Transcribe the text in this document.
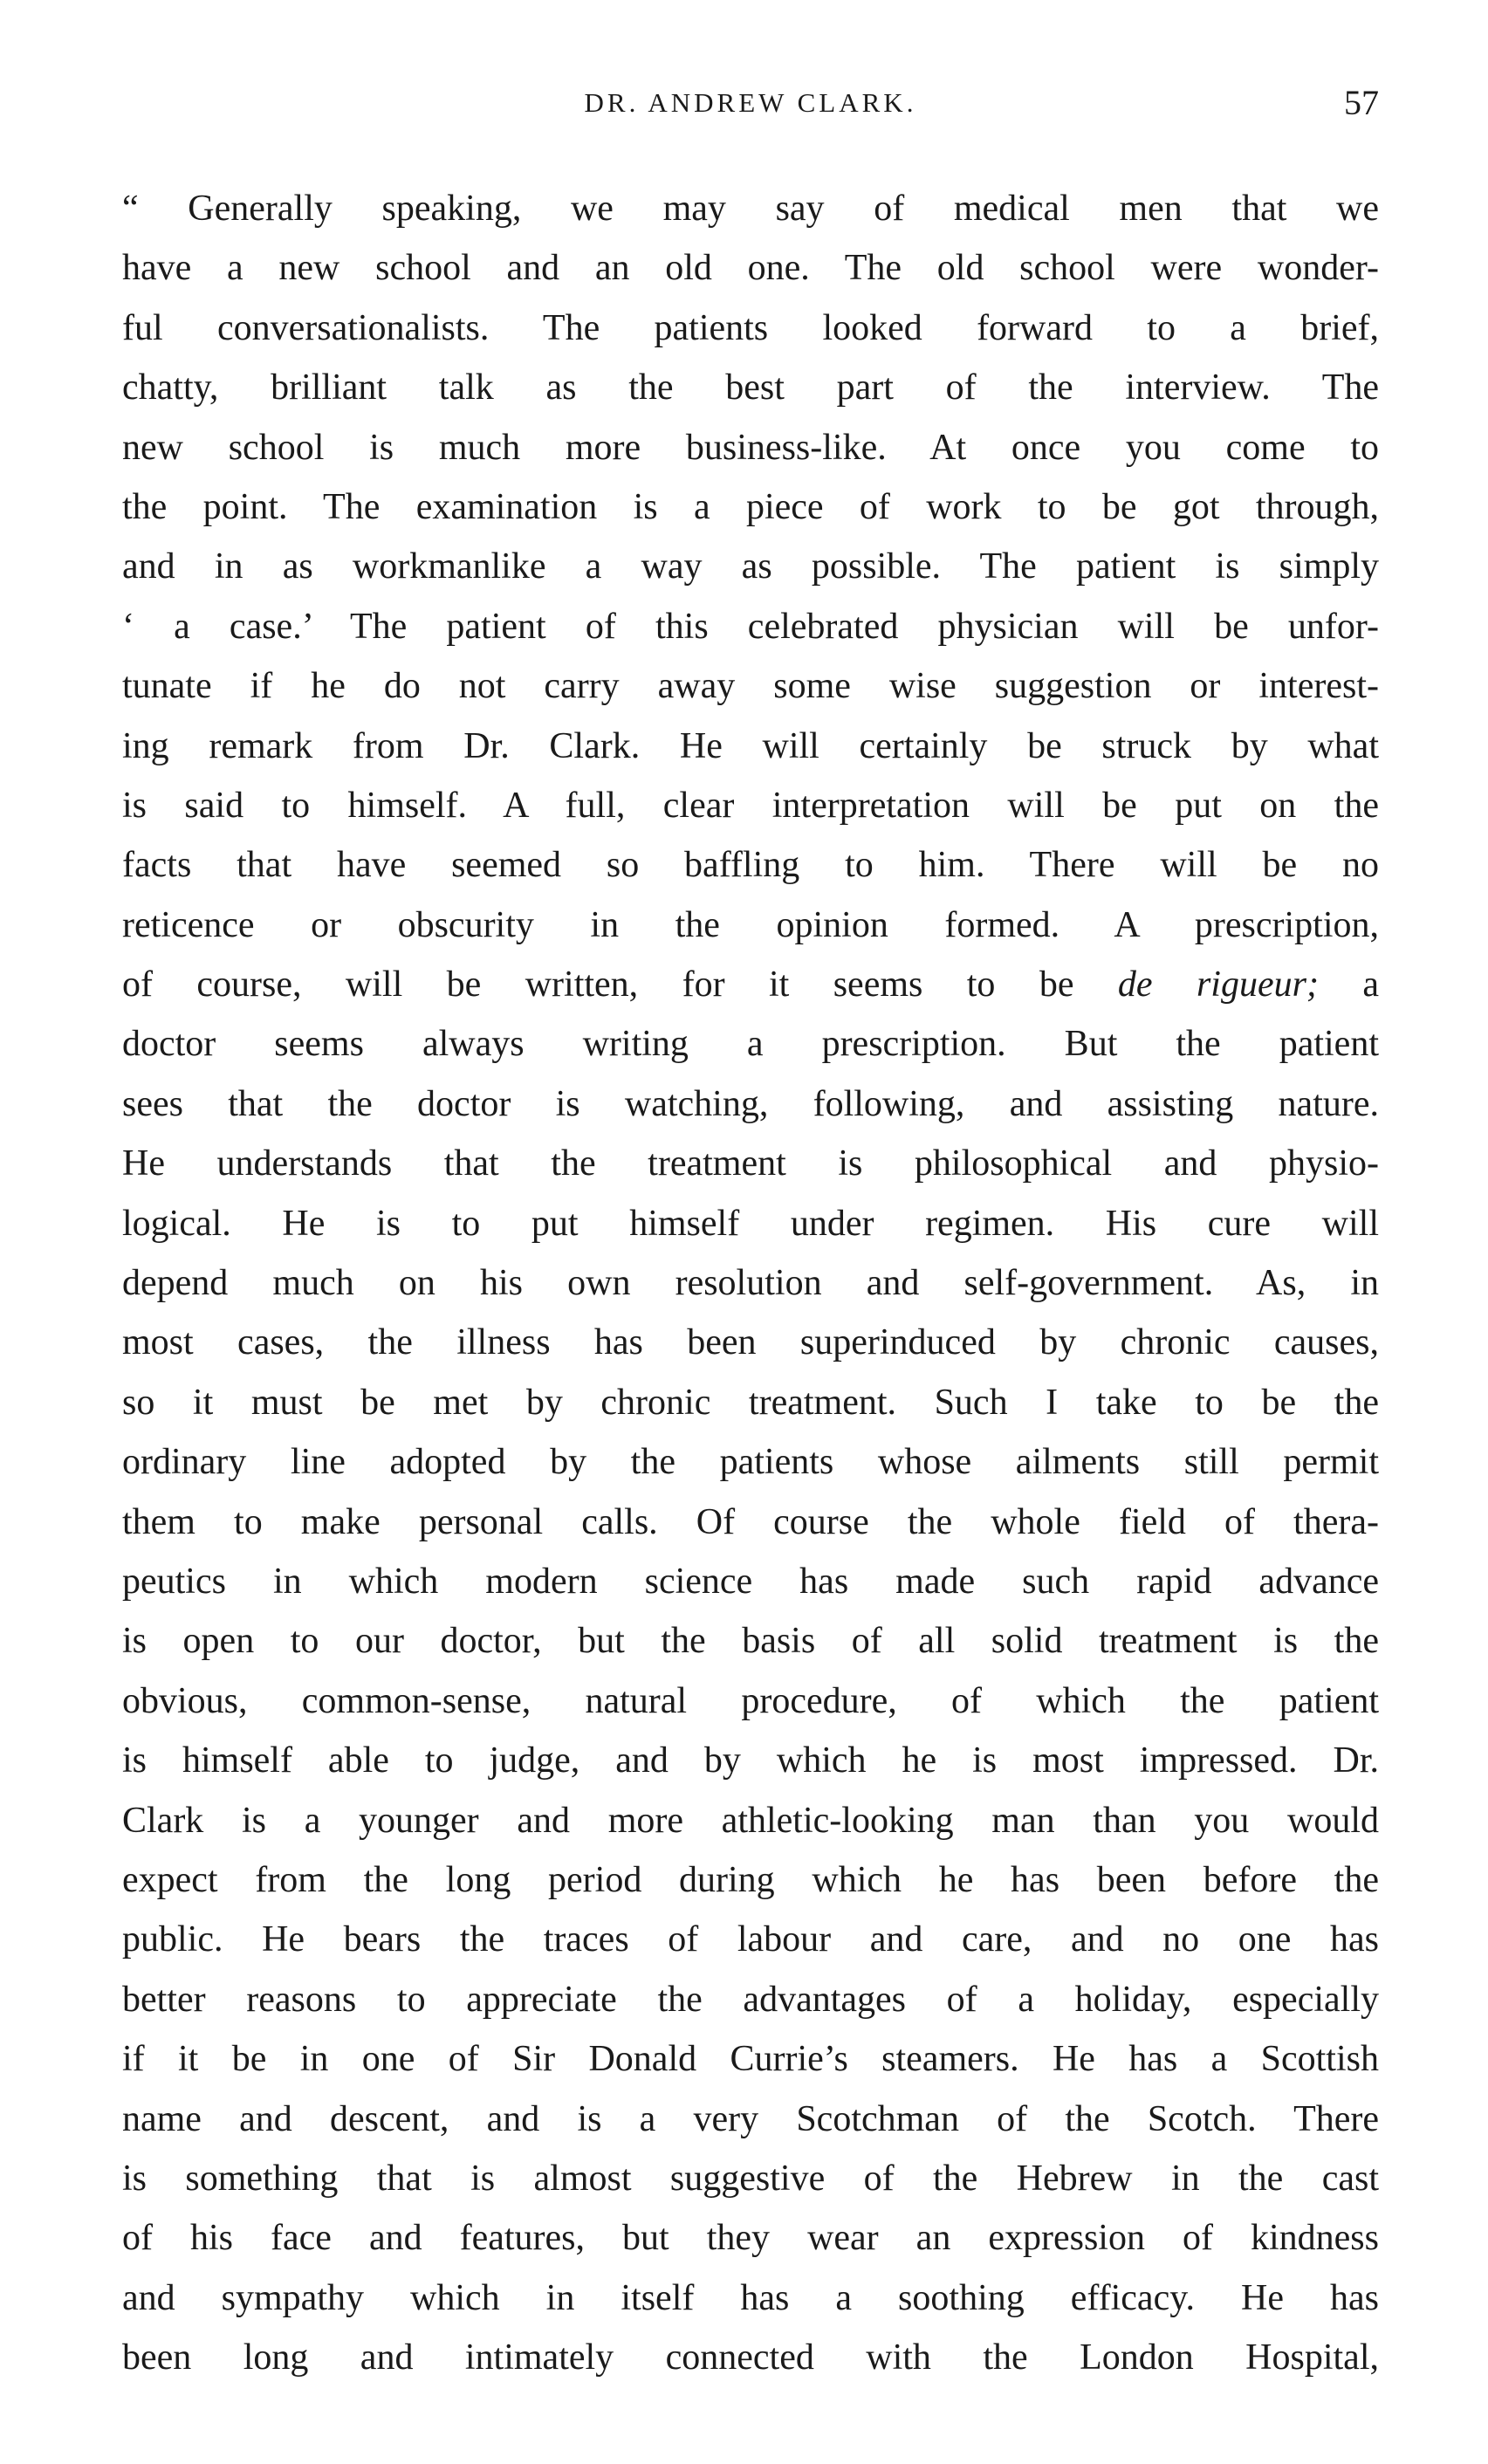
DR. ANDREW CLARK.	57
“ Generally speaking, we may say of medical men that we
have a new school and an old one. The old school were wonder-
ful conversationalists. The patients looked forward to a brief,
chatty, brilliant talk as the best part of the interview. The
new school is much more business-like. At once you come to
the point. The examination is a piece of work to be got through,
and in as workmanlike a way as possible. The patient is simply
‘ a case.’ The patient of this celebrated physician will be unfor-
tunate if he do not carry away some wise suggestion or interest-
ing remark from Dr. Clark. He will certainly be struck by what
is said to himself. A full, clear interpretation will be put on the
facts that have seemed so baffling to him. There will be no
reticence or obscurity in the opinion formed. A prescription,
of course, will be written, for it seems to be de rigueur; a
doctor seems always writing a prescription. But the patient
sees that the doctor is watching, following, and assisting nature.
He understands that the treatment is philosophical and physio-
logical. He is to put himself under regimen. His cure will
depend much on his own resolution and self-government. As, in
most cases, the illness has been superinduced by chronic causes,
so it must be met by chronic treatment. Such I take to be the
ordinary line adopted by the patients whose ailments still permit
them to make personal calls. Of course the whole field of thera-
peutics in which modern science has made such rapid advance
is open to our doctor, but the basis of all solid treatment is the
obvious, common-sense, natural procedure, of which the patient
is himself able to judge, and by which he is most impressed. Dr.
Clark is a younger and more athletic-looking man than you would
expect from the long period during which he has been before the
public. He bears the traces of labour and care, and no one has
better reasons to appreciate the advantages of a holiday, especially
if it be in one of Sir Donald Currie’s steamers. He has a Scottish
name and descent, and is a very Scotchman of the Scotch. There
is something that is almost suggestive of the Hebrew in the cast
of his face and features, but they wear an expression of kindness
and sympathy which in itself has a soothing efficacy. He has
been long and intimately connected with the London Hospital,
